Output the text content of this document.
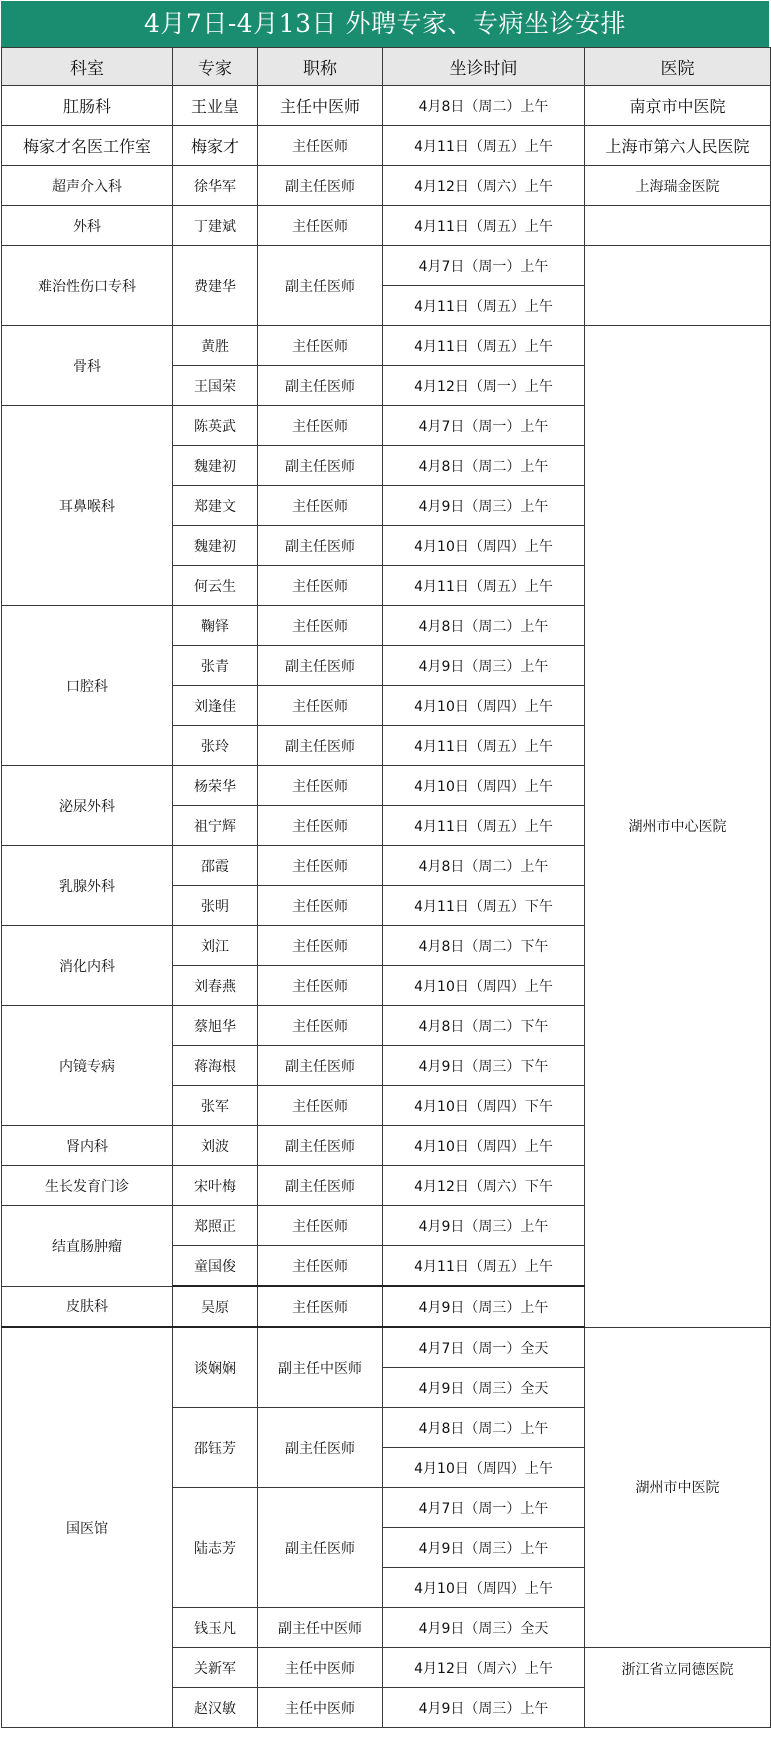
4月7日-4月13日 外聘专家、专病坐诊安排
科室	专家	职称	坐诊时间	医院
肛肠科	王业皇	主任中医师	4月8日（周二）上午	南京市中医院
梅家才名医工作室	梅家才	主任医师	4月11日（周五）上午	上海市第六人民医院
超声介入科	徐华军	副主任医师	4月12日（周六）上午	上海瑞金医院
外科	丁建斌	主任医师	4月11日（周五）上午	
难治性伤口专科	费建华	副主任医师	4月7日（周一）上午	
			4月11日（周五）上午	
骨科	黄胜	主任医师	4月11日（周五）上午	湖州市中心医院
	王国荣	副主任医师	4月12日（周一）上午	
耳鼻喉科	陈英武	主任医师	4月7日（周一）上午	
	魏建初	副主任医师	4月8日（周二）上午	
	郑建文	主任医师	4月9日（周三）上午	
	魏建初	副主任医师	4月10日（周四）上午	
	何云生	主任医师	4月11日（周五）上午	
口腔科	鞠铎	主任医师	4月8日（周二）上午	
	张青	副主任医师	4月9日（周三）上午	
	刘逢佳	主任医师	4月10日（周四）上午	
	张玲	副主任医师	4月11日（周五）上午	
泌尿外科	杨荣华	主任医师	4月10日（周四）上午	
	祖宁辉	主任医师	4月11日（周五）上午	
乳腺外科	邵霞	主任医师	4月8日（周二）上午	
	张明	主任医师	4月11日（周五）下午	
消化内科	刘江	主任医师	4月8日（周二）下午	
	刘春燕	主任医师	4月10日（周四）上午	
内镜专病	蔡旭华	主任医师	4月8日（周二）下午	
	蒋海根	副主任医师	4月9日（周三）下午	
	张军	主任医师	4月10日（周四）下午	
肾内科	刘波	副主任医师	4月10日（周四）上午	
生长发育门诊	宋叶梅	副主任医师	4月12日（周六）下午	
结直肠肿瘤	郑照正	主任医师	4月9日（周三）上午	
	童国俊	主任医师	4月11日（周五）上午	
皮肤科	吴原	主任医师	4月9日（周三）上午	
国医馆	谈娴娴	副主任中医师	4月7日（周一）全天	湖州市中医院
			4月9日（周三）全天	
	邵钰芳	副主任医师	4月8日（周二）上午	
			4月10日（周四）上午	
	陆志芳	副主任医师	4月7日（周一）上午	
			4月9日（周三）上午	
			4月10日（周四）上午	
	钱玉凡	副主任中医师	4月9日（周三）全天	
	关新军	主任中医师	4月12日（周六）上午	浙江省立同德医院
	赵汉敏	主任中医师	4月9日（周三）上午	
